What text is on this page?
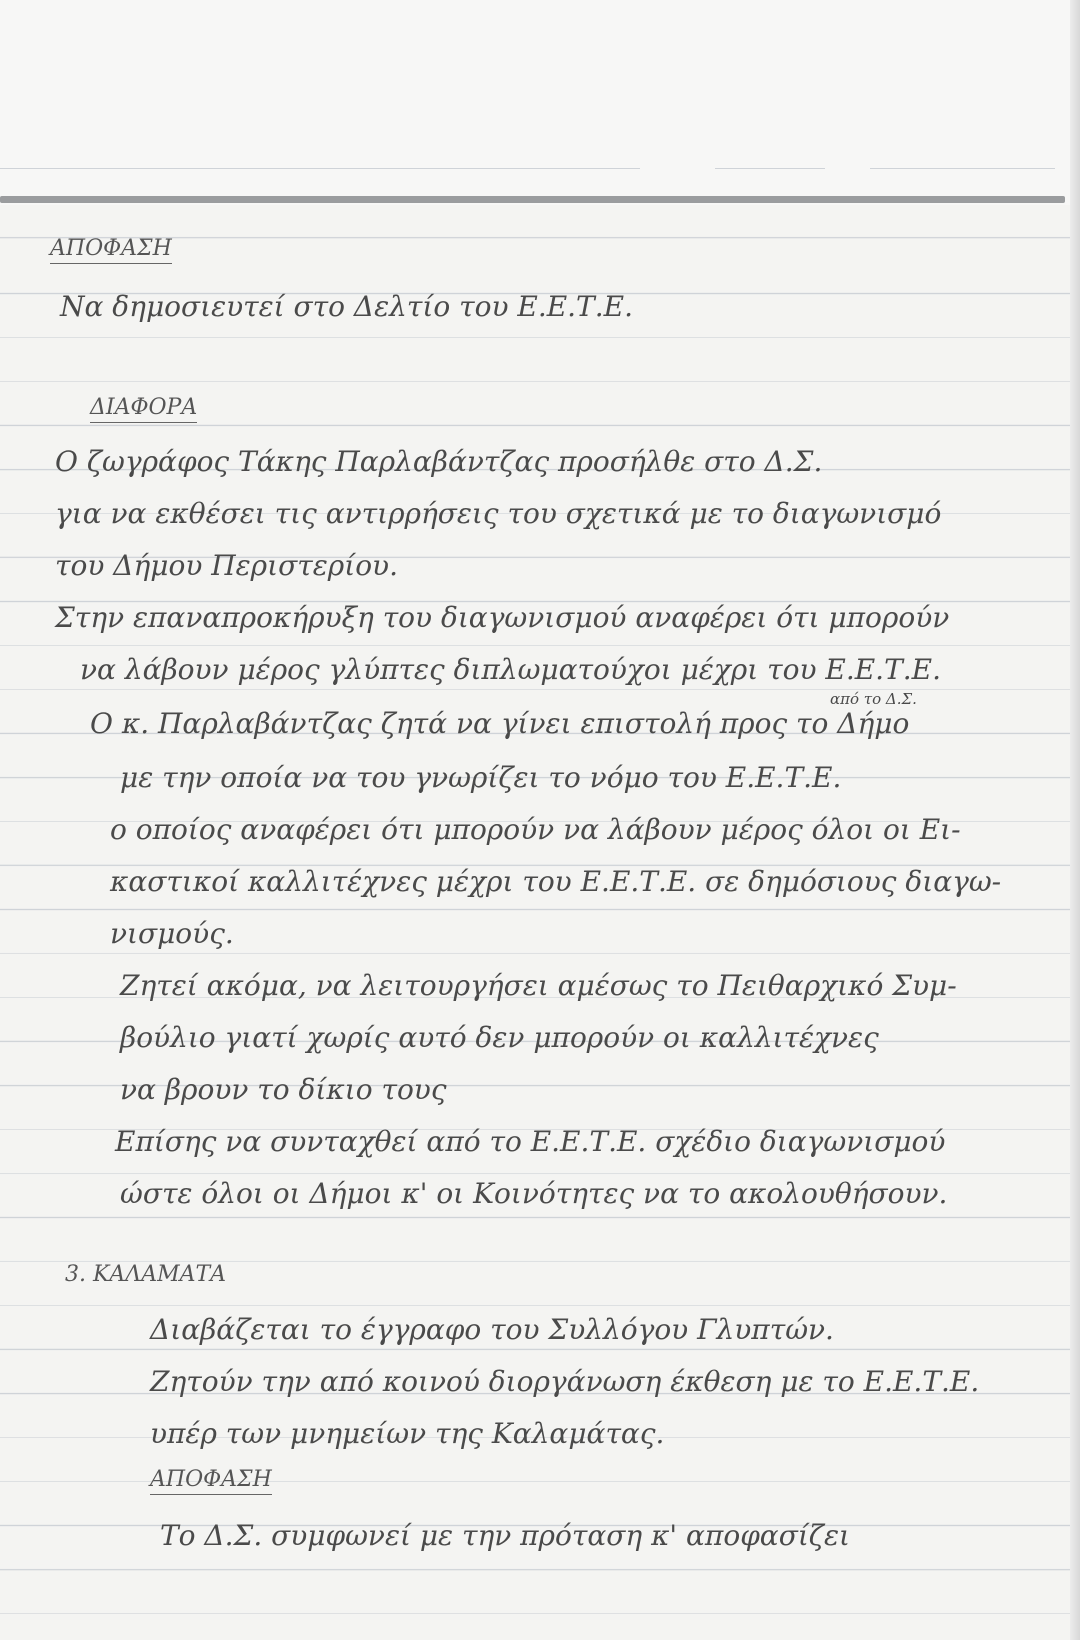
ΑΠΟΦΑΣΗ
Να δημοσιευτεί στο Δελτίο του Ε.Ε.Τ.Ε.
ΔΙΑΦΟΡΑ
Ο ζωγράφος Τάκης Παρλαβάντζας προσήλθε στο Δ.Σ.
για να εκθέσει τις αντιρρήσεις του σχετικά με το διαγωνισμό
του Δήμου Περιστερίου.
Στην επαναπροκήρυξη του διαγωνισμού αναφέρει ότι μπορούν
να λάβουν μέρος γλύπτες διπλωματούχοι μέχρι του Ε.Ε.Τ.Ε.
Ο κ. Παρλαβάντζας ζητά να γίνει επιστολή προς το Δήμο
από το Δ.Σ.
με την οποία να του γνωρίζει το νόμο του Ε.Ε.Τ.Ε.
ο οποίος αναφέρει ότι μπορούν να λάβουν μέρος όλοι οι Ει-
καστικοί καλλιτέχνες μέχρι του Ε.Ε.Τ.Ε. σε δημόσιους διαγω-
νισμούς.
Ζητεί ακόμα, να λειτουργήσει αμέσως το Πειθαρχικό Συμ-
βούλιο γιατί χωρίς αυτό δεν μπορούν οι καλλιτέχνες
να βρουν το δίκιο τους
Επίσης να συνταχθεί από το Ε.Ε.Τ.Ε. σχέδιο διαγωνισμού
ώστε όλοι οι Δήμοι κ' οι Κοινότητες να το ακολουθήσουν.
3. ΚΑΛΑΜΑΤΑ
Διαβάζεται το έγγραφο του Συλλόγου Γλυπτών.
Ζητούν την από κοινού διοργάνωση έκθεση με το Ε.Ε.Τ.Ε.
υπέρ των μνημείων της Καλαμάτας.
ΑΠΟΦΑΣΗ
Το Δ.Σ. συμφωνεί με την πρόταση κ' αποφασίζει
